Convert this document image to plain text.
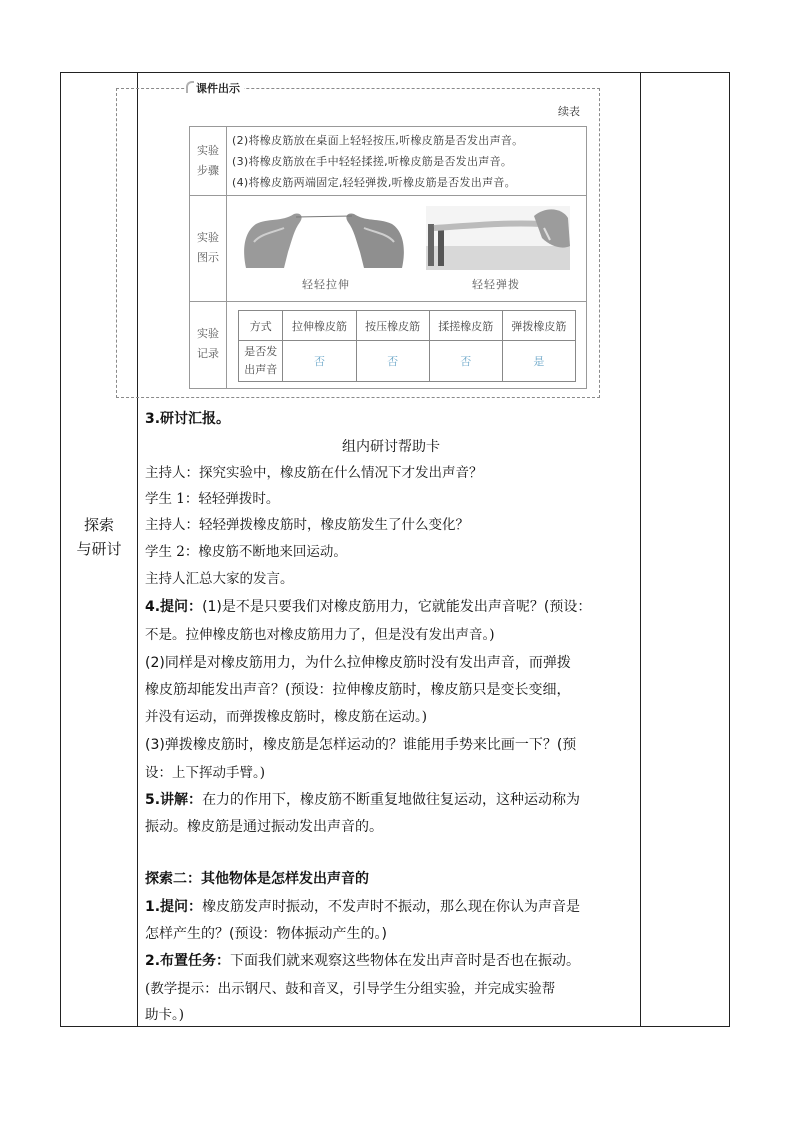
探索
与研讨
课件出示
续表
实验
步骤
(2)将橡皮筋放在桌面上轻轻按压,听橡皮筋是否发出声音。
(3)将橡皮筋放在手中轻轻揉搓,听橡皮筋是否发出声音。
(4)将橡皮筋两端固定,轻轻弹拨,听橡皮筋是否发出声音。
实验
图示
轻轻拉伸	轻轻弹拨
实验
记录
方式	拉伸橡皮筋	按压橡皮筋	揉搓橡皮筋	弹拨橡皮筋

是否发
出声音	否	否	否	是
3.研讨汇报。
组内研讨帮助卡
主持人：探究实验中，橡皮筋在什么情况下才发出声音？
学生 1：轻轻弹拨时。
主持人：轻轻弹拨橡皮筋时，橡皮筋发生了什么变化？
学生 2：橡皮筋不断地来回运动。
主持人汇总大家的发言。
4.提问：(1)是不是只要我们对橡皮筋用力，它就能发出声音呢？(预设：
不是。拉伸橡皮筋也对橡皮筋用力了，但是没有发出声音。)
(2)同样是对橡皮筋用力，为什么拉伸橡皮筋时没有发出声音，而弹拨
橡皮筋却能发出声音？(预设：拉伸橡皮筋时，橡皮筋只是变长变细，
并没有运动，而弹拨橡皮筋时，橡皮筋在运动。)
(3)弹拨橡皮筋时，橡皮筋是怎样运动的？谁能用手势来比画一下？(预
设：上下挥动手臂。)
5.讲解：在力的作用下，橡皮筋不断重复地做往复运动，这种运动称为
振动。橡皮筋是通过振动发出声音的。
探索二：其他物体是怎样发出声音的
1.提问：橡皮筋发声时振动，不发声时不振动，那么现在你认为声音是
怎样产生的？(预设：物体振动产生的。)
2.布置任务：下面我们就来观察这些物体在发出声音时是否也在振动。
(教学提示：出示钢尺、鼓和音叉，引导学生分组实验，并完成实验帮
助卡。)
